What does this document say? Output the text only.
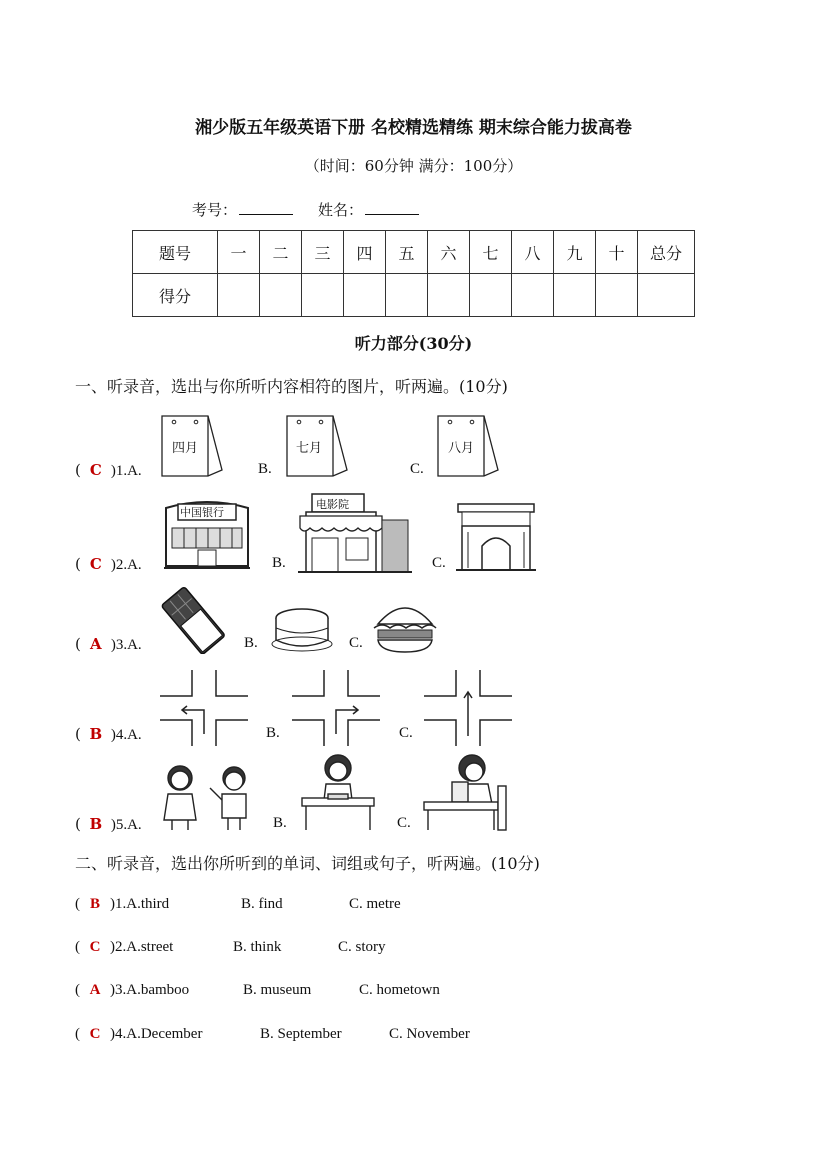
湘少版五年级英语下册 名校精选精练 期末综合能力拔高卷
（时间：60分钟 满分：100分）
考号：	姓名：
题号	一	二	三	四	五	六	七	八	九	十	总分
得分											
听力部分(30分)
一、听录音，选出与你所听内容相符的图片，听两遍。(10分)
( C )1.A.
四月
B.
七月
C.
八月
( C )2.A.
中国银行
B.
电影院
C.
( A )3.A.	B.	C.
( B )4.A.	B.	C.
( B )5.A.	B.	C.
二、听录音，选出你所听到的单词、词组或句子，听两遍。(10分)
( B )1.A.third	B. find	C. metre
( C )2.A.street	B. think	C. story
( A )3.A.bamboo	B. museum	C. hometown
( C )4.A.December	B. September	C. November
